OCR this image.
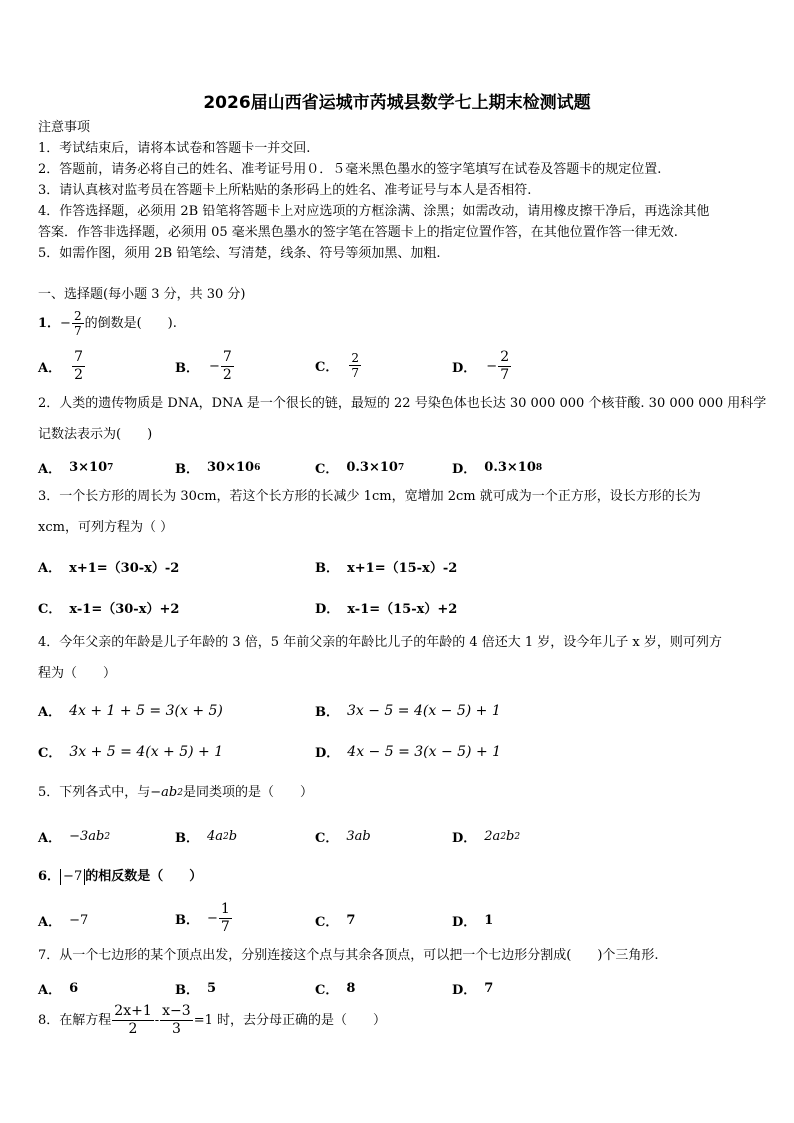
2026届山西省运城市芮城县数学七上期末检测试题
注意事项
1．考试结束后，请将本试卷和答题卡一并交回.
2．答题前，请务必将自己的姓名、准考证号用０．５毫米黑色墨水的签字笔填写在试卷及答题卡的规定位置.
3．请认真核对监考员在答题卡上所粘贴的条形码上的姓名、准考证号与本人是否相符.
4．作答选择题，必须用 2B 铅笔将答题卡上对应选项的方框涂满、涂黑；如需改动，请用橡皮擦干净后，再选涂其他
答案．作答非选择题，必须用 05 毫米黑色墨水的签字笔在答题卡上的指定位置作答，在其他位置作答一律无效.
5．如需作图，须用 2B 铅笔绘、写清楚，线条、符号等须加黑、加粗.
一、选择题(每小题 3 分，共 30 分)
1． − $\frac{2}{7}$ 的倒数是(　　).
A． $\frac{7}{2}$	B． − $\frac{7}{2}$	C． $\frac{2}{7}$	D． − $\frac{2}{7}$
2．人类的遗传物质是 DNA，DNA 是一个很长的链，最短的 22 号染色体也长达 30 000 000 个核苷酸. 30 000 000 用科学
记数法表示为(　　)
A． 3×10 7	B． 30×10 6	C． 0.3×10 7	D． 0.3×10 8
3．一个长方形的周长为 30cm，若这个长方形的长减少 1cm，宽增加 2cm 就可成为一个正方形，设长方形的长为
xcm，可列方程为（ ）
A． x+1=（30-x）-2	B． x+1=（15-x）-2
C． x-1=（30-x）+2	D． x-1=（15-x）+2
4．今年父亲的年龄是儿子年龄的 3 倍，5 年前父亲的年龄比儿子的年龄的 4 倍还大 1 岁，设今年儿子 x 岁，则可列方
程为（　　）
A． 4x + 1 + 5 = 3(x + 5)	B． 3x − 5 = 4(x − 5) + 1
C． 3x + 5 = 4(x + 5) + 1	D． 4x − 5 = 3(x − 5) + 1
5．下列各式中，与 −ab 2 是同类项的是（　　）
A． −3ab 2	B． 4a 2 b	C． 3ab	D． 2a 2 b 2
6． −7 的相反数是（　　）
A． −7	B． − $\frac{1}{7}$	C． 7	D． 1
7．从一个七边形的某个顶点出发，分别连接这个点与其余各顶点，可以把一个七边形分割成(　　)个三角形.
A． 6	B． 5	C． 8	D． 7
8．在解方程 $\frac{2x+1}{2} - \frac{x-3}{3} =1$ 时，去分母正确的是（　　）
